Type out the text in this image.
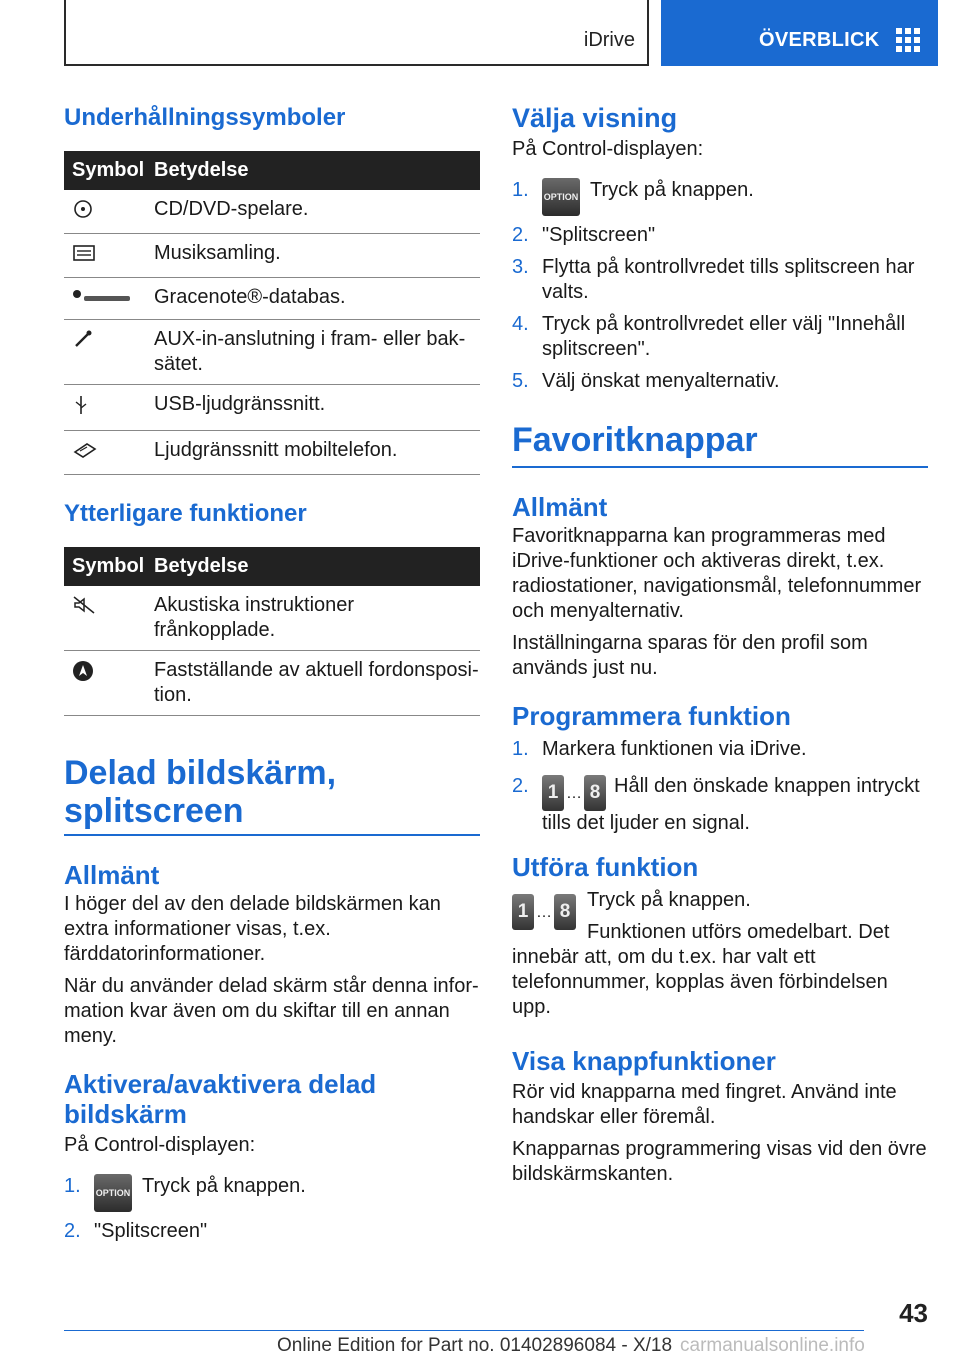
iDrive	ÖVERBLICK
Underhållningssymboler
Symbol	Betydelse
	CD/DVD-spelare.
	Musiksamling.
	Gracenote®-databas.
	AUX-in-anslutning i fram- eller baksätet.
	USB-ljudgränssnitt.
	Ljudgränssnitt mobiltelefon.
Ytterligare funktioner
Symbol	Betydelse
	Akustiska instruktioner frånkopplade.
	Fastställande av aktuell fordonsposition.
Delad bildskärm,
splitscreen
Allmänt

I höger del av den delade bildskärmen kan extra informationer visas, t.ex. färddatorinformationer.

När du använder delad skärm står denna information kvar även om du skiftar till en annan meny.

Aktivera/avaktivera delad bildskärm

På Control-displayen:

1. OPTION Tryck på knappen.
2. "Splitscreen"
Välja visning

På Control-displayen:

1. OPTION Tryck på knappen.
2. "Splitscreen"
3. Flytta på kontrollvredet tills splitscreen har valts.
4. Tryck på kontrollvredet eller välj "Innehåll splitscreen".
5. Välj önskat menyalternativ.
Favoritknappar
Allmänt

Favoritknapparna kan programmeras med iDrive-funktioner och aktiveras direkt, t.ex. radiostationer, navigationsmål, telefonnummer och menyalternativ.

Inställningarna sparas för den profil som används just nu.

Programmera funktion
1. Markera funktionen via iDrive.
2. 1 … 8 Håll den önskade knappen intryckt tills det ljuder en signal.
Utföra funktion
1 … 8

Tryck på knappen.

Funktionen utförs omedelbart. Det innebär att, om du t.ex. har valt ett telefonnummer, kopplas även förbindelsen upp.

Visa knappfunktioner

Rör vid knapparna med fingret. Använd inte handskar eller föremål.

Knapparnas programmering visas vid den övre bildskärmskanten.

43
Online Edition for Part no. 01402896084 - X/18 carmanualsonline.info
